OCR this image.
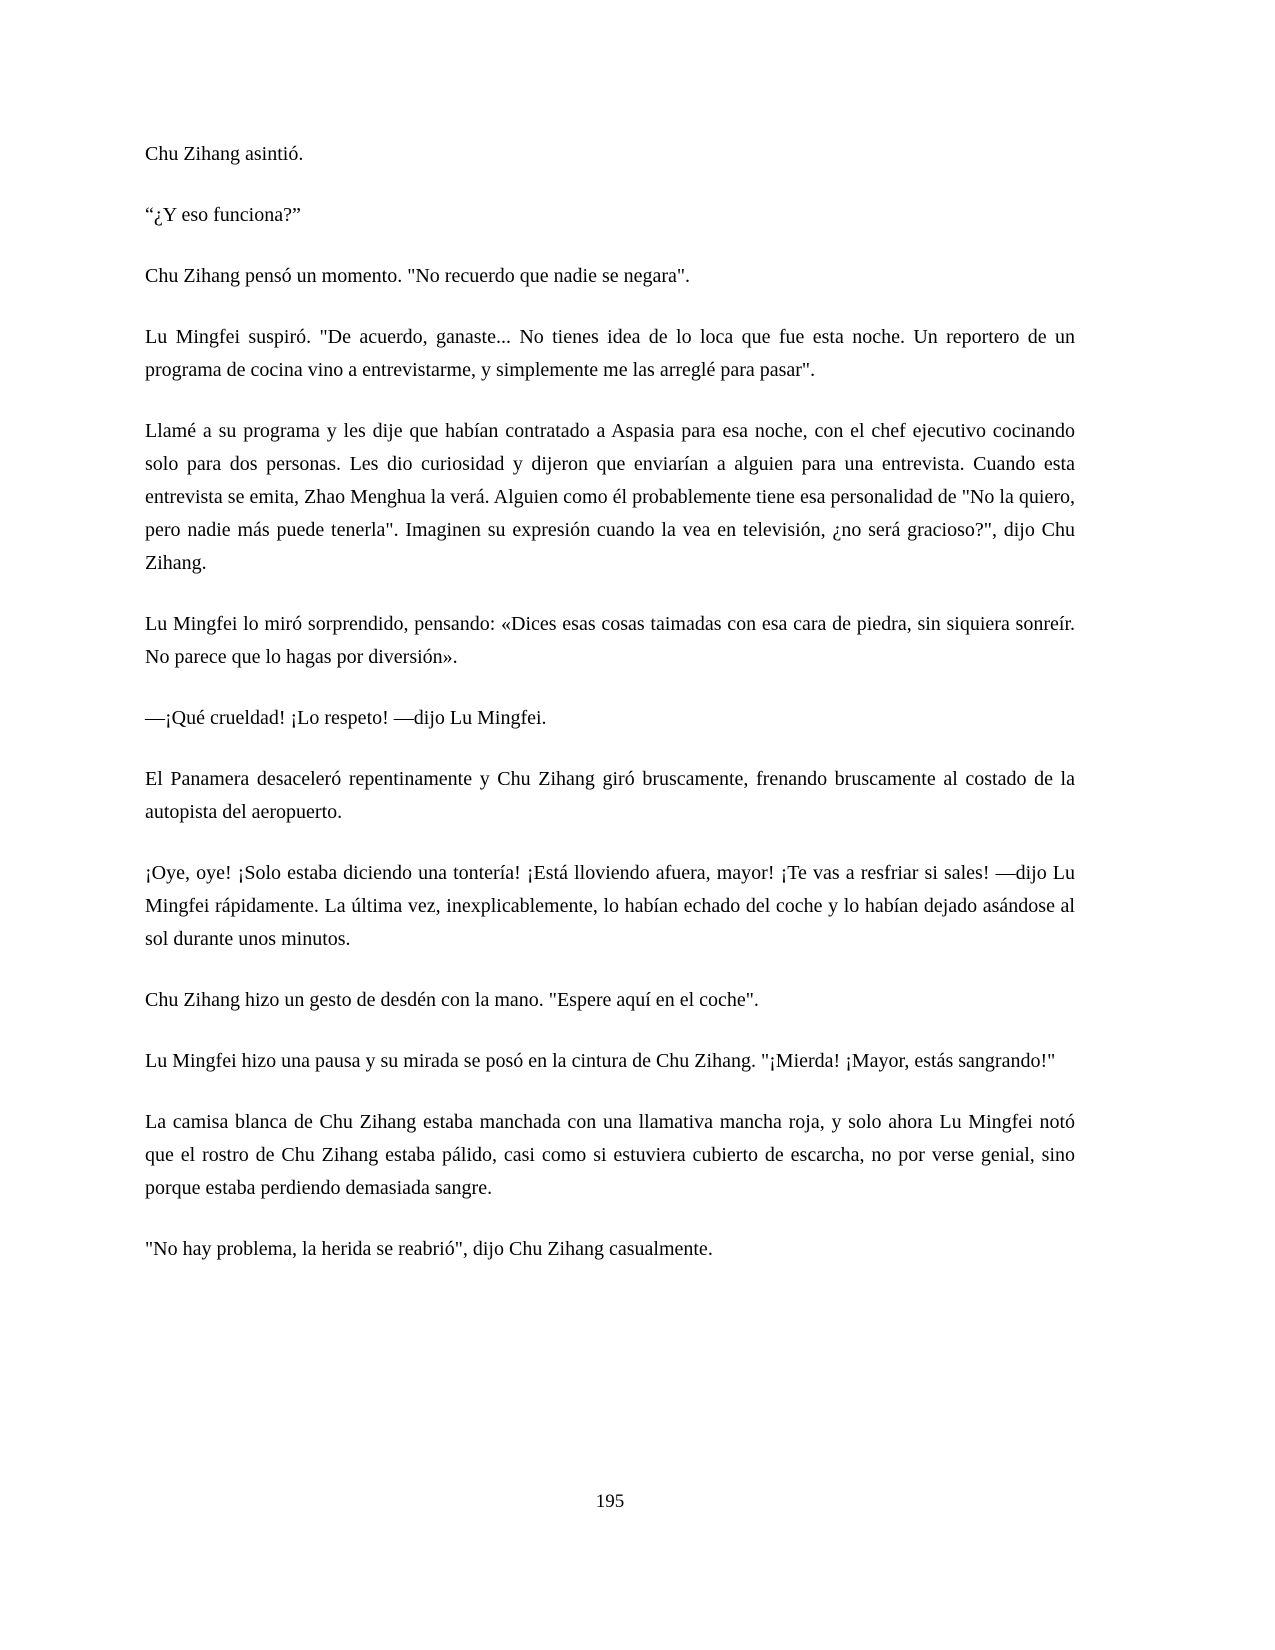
Chu Zihang asintió.

“¿Y eso funciona?”

Chu Zihang pensó un momento. "No recuerdo que nadie se negara".

Lu Mingfei suspiró. "De acuerdo, ganaste... No tienes idea de lo loca que fue esta noche. Un reportero de un programa de cocina vino a entrevistarme, y simplemente me las arreglé para pasar".

Llamé a su programa y les dije que habían contratado a Aspasia para esa noche, con el chef ejecutivo cocinando solo para dos personas. Les dio curiosidad y dijeron que enviarían a alguien para una entrevista. Cuando esta entrevista se emita, Zhao Menghua la verá. Alguien como él probablemente tiene esa personalidad de "No la quiero, pero nadie más puede tenerla". Imaginen su expresión cuando la vea en televisión, ¿no será gracioso?", dijo Chu Zihang.

Lu Mingfei lo miró sorprendido, pensando: «Dices esas cosas taimadas con esa cara de piedra, sin siquiera sonreír. No parece que lo hagas por diversión».

—¡Qué crueldad! ¡Lo respeto! —dijo Lu Mingfei.

El Panamera desaceleró repentinamente y Chu Zihang giró bruscamente, frenando bruscamente al costado de la autopista del aeropuerto.

¡Oye, oye! ¡Solo estaba diciendo una tontería! ¡Está lloviendo afuera, mayor! ¡Te vas a resfriar si sales! —dijo Lu Mingfei rápidamente. La última vez, inexplicablemente, lo habían echado del coche y lo habían dejado asándose al sol durante unos minutos.

Chu Zihang hizo un gesto de desdén con la mano. "Espere aquí en el coche".

Lu Mingfei hizo una pausa y su mirada se posó en la cintura de Chu Zihang. "¡Mierda! ¡Mayor, estás sangrando!"

La camisa blanca de Chu Zihang estaba manchada con una llamativa mancha roja, y solo ahora Lu Mingfei notó que el rostro de Chu Zihang estaba pálido, casi como si estuviera cubierto de escarcha, no por verse genial, sino porque estaba perdiendo demasiada sangre.

"No hay problema, la herida se reabrió", dijo Chu Zihang casualmente.

195
